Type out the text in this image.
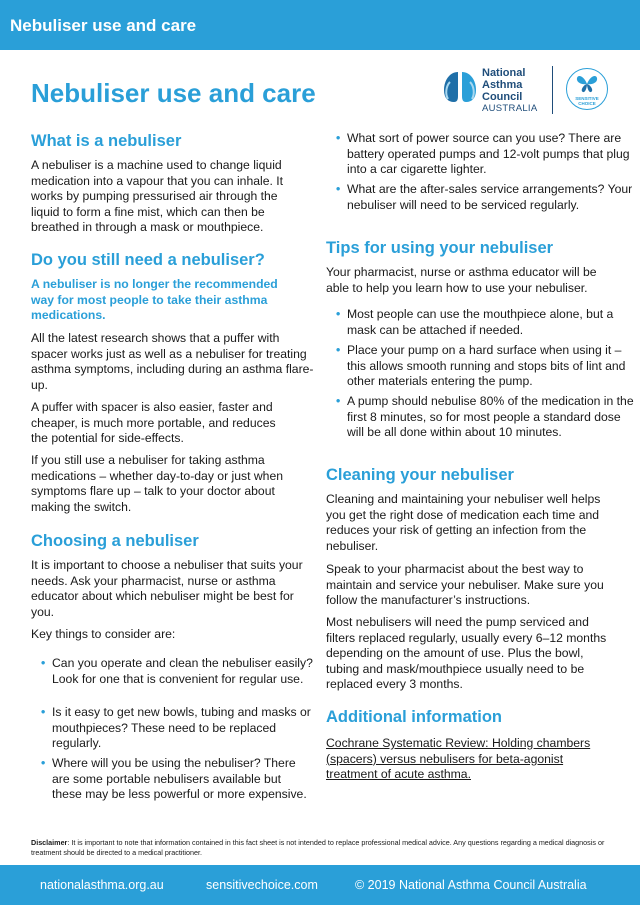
Nebuliser use and care
Nebuliser use and care
National
Asthma
Council
AUSTRALIA
SENSITIVE
CHOICE
What is a nebuliser

A nebuliser is a machine used to change liquid medication into a vapour that you can inhale. It works by pumping pressurised air through the liquid to form a fine mist, which can then be breathed in through a mask or mouthpiece.

Do you still need a nebuliser?

A nebuliser is no longer the recommended way for most people to take their asthma medications.

All the latest research shows that a puffer with spacer works just as well as a nebuliser for treating asthma symptoms, including during an asthma flare-up.

A puffer with spacer is also easier, faster and cheaper, is much more portable, and reduces the potential for side-effects.

If you still use a nebuliser for taking asthma medications – whether day-to-day or just when symptoms flare up – talk to your doctor about making the switch.

Choosing a nebuliser

It is important to choose a nebuliser that suits your needs. Ask your pharmacist, nurse or asthma educator about which nebuliser might be best for you.

Key things to consider are:

• Can you operate and clean the nebuliser easily? Look for one that is convenient for regular use.
• Is it easy to get new bowls, tubing and masks or mouthpieces? These need to be replaced regularly.
• Where will you be using the nebuliser? There are some portable nebulisers available but these may be less powerful or more expensive.
• What sort of power source can you use? There are battery operated pumps and 12-volt pumps that plug into a car cigarette lighter.
• What are the after-sales service arrangements? Your nebuliser will need to be serviced regularly.
Tips for using your nebuliser

Your pharmacist, nurse or asthma educator will be able to help you learn how to use your nebuliser.

• Most people can use the mouthpiece alone, but a mask can be attached if needed.
• Place your pump on a hard surface when using it – this allows smooth running and stops bits of lint and other materials entering the pump.
• A pump should nebulise 80% of the medication in the first 8 minutes, so for most people a standard dose will be all done within about 10 minutes.
Cleaning your nebuliser

Cleaning and maintaining your nebuliser well helps you get the right dose of medication each time and reduces your risk of getting an infection from the nebuliser.

Speak to your pharmacist about the best way to maintain and service your nebuliser. Make sure you follow the manufacturer’s instructions.

Most nebulisers will need the pump serviced and filters replaced regularly, usually every 6–12 months depending on the amount of use. Plus the bowl, tubing and mask/mouthpiece usually need to be replaced every 3 months.

Additional information

Cochrane Systematic Review: Holding chambers (spacers) versus nebulisers for beta-agonist treatment of acute asthma.

Disclaimer: It is important to note that information contained in this fact sheet is not intended to replace professional medical advice. Any questions regarding a medical diagnosis or treatment should be directed to a medical practitioner.

nationalasthma.org.au	sensitivechoice.com	© 2019 National Asthma Council Australia
